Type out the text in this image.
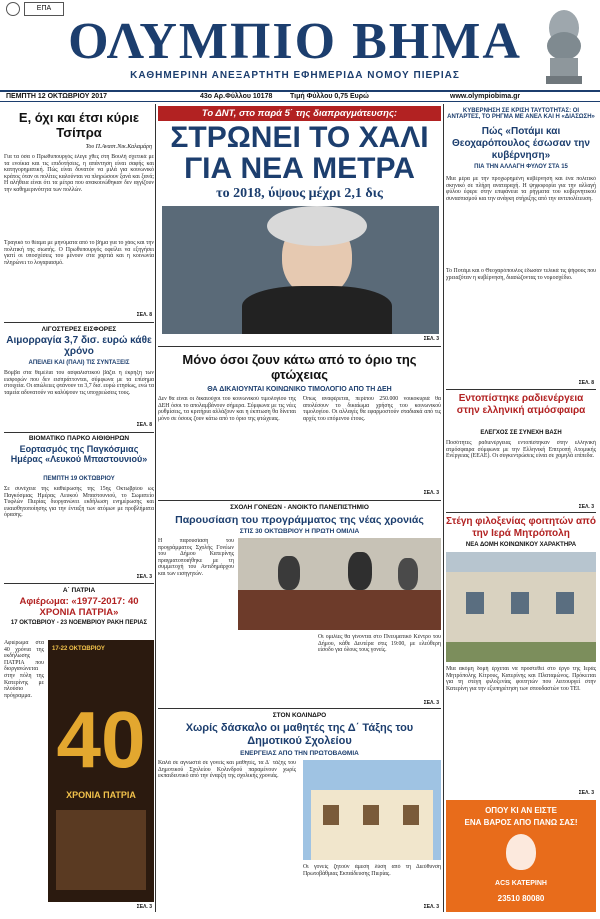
ΕΠΑ
ΟΛΥΜΠΙΟ ΒΗΜΑ
ΚΑΘΗΜΕΡΙΝΗ ΑΝΕΞΑΡΤΗΤΗ ΕΦΗΜΕΡΙΔΑ ΝΟΜΟΥ ΠΙΕΡΙΑΣ
ΠΕΜΠΤΗ 12 ΟΚΤΩΒΡΙΟΥ 2017	43ο Αρ.Φύλλου 10178	Τιμή Φύλλου 0,75 Ευρώ	www.olympiobima.gr
Ε, όχι και έτσι κύριε Τσίπρα
Του Π.Αναστ.Νικ.Καλαμάρη
Για τα όσα ο Πρωθυπουργός έλεγε χθες στη Βουλή σχετικά με τα ενοίκια και τις επιδοτήσεις, η απάντηση είναι σαφής και κατηγορηματική. Πώς είναι δυνατόν να μιλά για κοινωνικό κράτος όταν οι πολίτες καλούνται να πληρώσουν ξανά και ξανά; Η αλήθεια είναι ότι τα μέτρα που ανακοινώθηκαν δεν αγγίζουν την καθημερινότητα των πολλών.
Τραγικό το θέαμα με μηνύματα από το βήμα για το χάος και την πολιτική της σιωπής. Ο Πρωθυπουργός οφείλει να εξηγήσει γιατί οι υποσχέσεις του μένουν στα χαρτιά και η κοινωνία πληρώνει το λογαριασμό.
ΣΕΛ. 8
ΛΙΓΟΣΤΕΡΕΣ ΕΙΣΦΟΡΕΣ
Αιμορραγία 3,7 δισ. ευρώ κάθε χρόνο
ΑΠΕΙΛΕΙ ΚΑΙ (ΠΑΛΙ) ΤΙΣ ΣΥΝΤΑΞΕΙΣ
Βόμβα στα θεμέλια του ασφαλιστικού βάζει η έκρηξη των εισφορών που δεν εισπράττονται, σύμφωνα με τα επίσημα στοιχεία. Οι απώλειες φτάνουν τα 3,7 δισ. ευρώ ετησίως, ενώ τα ταμεία αδυνατούν να καλύψουν τις υποχρεώσεις τους.
ΣΕΛ. 8
ΒΙΟΜΑΤΙΚΟ ΠΑΡΚΟ ΑΙΘΙΘΗΡΩΝ
Εορτασμός της Παγκόσμιας Ημέρας «Λευκού Μπαστουνιού»
ΠΕΜΠΤΗ 19 ΟΚΤΩΒΡΙΟΥ
Σε συνέχεια της καθιέρωσης της 15ης Οκτωβρίου ως Παγκόσμιας Ημέρας Λευκού Μπαστουνιού, το Σωματείο Τυφλών Πιερίας διοργανώνει εκδήλωση ενημέρωσης και ευαισθητοποίησης για την ένταξη των ατόμων με προβλήματα όρασης.
ΣΕΛ. 3
Α΄ ΠΑΤΡΙΑ
Αφιέρωμα: «1977-2017: 40 ΧΡΟΝΙΑ ΠΑΤΡΙΑ»
17 ΟΚΤΩΒΡΙΟΥ - 23 ΝΟΕΜΒΡΙΟΥ ΡΑΚΗ ΠΕΡΙΑΣ
Αφιέρωμα στα 40 χρόνια της εκδήλωσης ΠΑΤΡΙΑ που διοργανώνεται στην πόλη της Κατερίνης με πλούσιο πρόγραμμα.
17-22 ΟΚΤΩΒΡΙΟΥ
40
ΧΡΟΝΙΑ ΠΑΤΡΙΑ
ΣΕΛ. 3
Το ΔΝΤ, στο παρά 5΄ της διαπραγμάτευσης:
ΣΤΡΩΝΕΙ ΤΟ ΧΑΛΙ
ΓΙΑ ΝΕΑ ΜΕΤΡΑ
το 2018, ύψους μέχρι 2,1 δις
ΣΕΛ. 3
Μόνο όσοι ζουν κάτω από το όριο της φτώχειας
ΘΑ ΔΙΚΑΙΟΥΝΤΑΙ ΚΟΙΝΩΝΙΚΟ ΤΙΜΟΛΟΓΙΟ ΑΠΟ ΤΗ ΔΕΗ
Δεν θα είναι οι δικαιούχοι του κοινωνικού τιμολογίου της ΔΕΗ όσοι το απολαμβάνουν σήμερα. Σύμφωνα με τις νέες ρυθμίσεις, τα κριτήρια αλλάζουν και η έκπτωση θα δίνεται μόνο σε όσους ζουν κάτω από το όριο της φτώχειας.
Όπως αναφέρεται, περίπου 250.000 νοικοκυριά θα απολέσουν το δικαίωμα χρήσης του κοινωνικού τιμολογίου. Οι αλλαγές θα εφαρμοστούν σταδιακά από τις αρχές του επόμενου έτους.
ΣΕΛ. 3
ΣΧΟΛΗ ΓΟΝΕΩΝ - ΑΝΟΙΚΤΟ ΠΑΝΕΠΙΣΤΗΜΙΟ
Παρουσίαση του προγράμματος της νέας χρονιάς
ΣΤΙΣ 30 ΟΚΤΩΒΡΙΟΥ Η ΠΡΩΤΗ ΟΜΙΛΙΑ
Η παρουσίαση του προγράμματος Σχολής Γονέων του Δήμου Κατερίνης πραγματοποιήθηκε με τη συμμετοχή του Αντιδημάρχου και των εισηγητών.
Οι ομιλίες θα γίνονται στο Πνευματικό Κέντρο του Δήμου, κάθε Δευτέρα στις 19:00, με ελεύθερη είσοδο για όλους τους γονείς.
ΣΕΛ. 3
ΣΤΟΝ ΚΟΛΙΝΔΡΟ
Χωρίς δάσκαλο οι μαθητές της Δ΄ Τάξης του Δημοτικού Σχολείου
ΕΝΕΡΓΕΙΑΣ ΑΠΟ ΤΗΝ ΠΡΩΤΟΒΑΘΜΙΑ
Καλά σε αγνωστά σε γονείς και μαθητές, τα Δ΄ τάξης του Δημοτικού Σχολείου Κολινδρού παραμένουν χωρίς εκπαιδευτικό από την έναρξη της σχολικής χρονιάς.
Οι γονείς ζητούν άμεση λύση από τη Διεύθυνση Πρωτοβάθμιας Εκπαίδευσης Πιερίας.
ΣΕΛ. 3
ΚΥΒΕΡΝΗΣΗ ΣΕ ΚΡΙΣΗ ΤΑΥΤΟΤΗΤΑΣ: ΟΙ ΑΝΤΑΡΤΕΣ, ΤΟ ΡΗΓΜΑ ΜΕ ΑΝΕΛ ΚΑΙ Η «ΔΙΑΣΩΣΗ»
Πώς «Ποτάμι και Θεοχαρόπουλος έσωσαν την κυβέρνηση»
ΠΙΑ ΤΗΝ ΑΛΛΑΓΗ ΦΥΛΟΥ ΣΤΑ 15
Μια μέρα με την προχωρημένη κυβέρνηση και ένα πολιτικό σκηνικό σε πλήρη αναταραχή. Η ψηφοφορία για την αλλαγή φύλου έφερε στην επιφάνεια τα ρήγματα του κυβερνητικού συνασπισμού και την ανάγκη στήριξης από την αντιπολίτευση.
Το Ποτάμι και ο Θεοχαρόπουλος έδωσαν τελικά τις ψήφους που χρειαζόταν η κυβέρνηση, διασώζοντας το νομοσχέδιο.
ΣΕΛ. 8
Εντοπίστηκε ραδιενέργεια στην ελληνική ατμόσφαιρα
ΕΛΕΓΧΟΣ ΣΕ ΣΥΝΕΧΗ ΒΑΣΗ
Ποσότητες ραδιενέργειας εντοπίστηκαν στην ελληνική ατμόσφαιρα σύμφωνα με την Ελληνική Επιτροπή Ατομικής Ενέργειας (ΕΕΑΕ). Οι συγκεντρώσεις είναι σε χαμηλά επίπεδα.
ΣΕΛ. 3
Στέγη φιλοξενίας φοιτητών από την Ιερά Μητρόπολη
ΝΕΑ ΔΟΜΗ ΚΟΙΝΩΝΙΚΟΥ ΧΑΡΑΚΤΗΡΑ
Μια ακόμη δομή έρχεται να προστεθεί στο έργο της Ιεράς Μητρόπολης Κίτρους, Κατερίνης και Πλαταμώνος. Πρόκειται για τη στέγη φιλοξενίας φοιτητών που λειτουργεί στην Κατερίνη για την εξυπηρέτηση των σπουδαστών του ΤΕΙ.
ΣΕΛ. 3
ΟΠΟΥ ΚΙ ΑΝ ΕΙΣΤΕ
ΕΝΑ ΒΑΡΟΣ ΑΠΟ ΠΑΝΩ ΣΑΣ!
ΑCS ΚΑΤΕΡΙΝΗ
23510 80080
